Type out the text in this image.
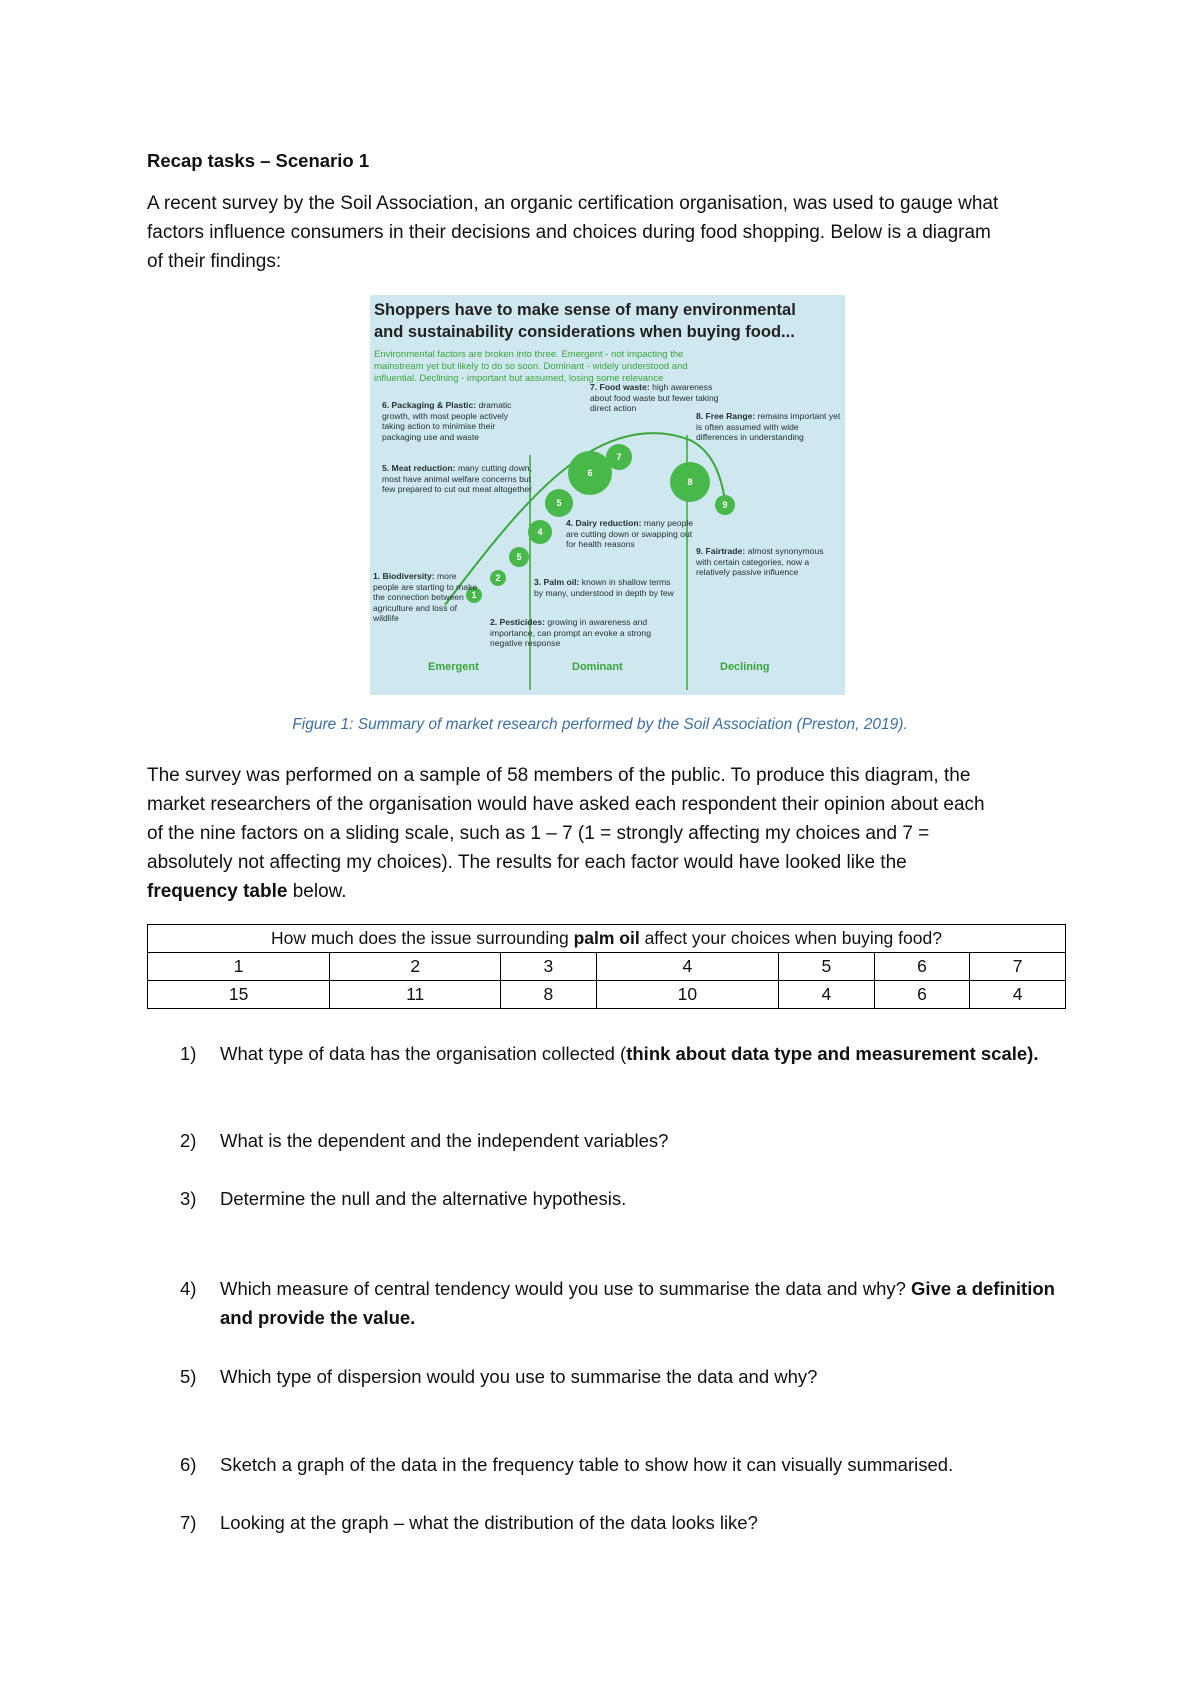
Recap tasks – Scenario 1
A recent survey by the Soil Association, an organic certification organisation, was used to gauge what
factors influence consumers in their decisions and choices during food shopping. Below is a diagram
of their findings:
1
2
5
4
5
6
7
8
9
Shoppers have to make sense of many environmental
and sustainability considerations when buying food...
Environmental factors are broken into three. Emergent - not impacting the
mainstream yet but likely to do so soon. Dominant - widely understood and
influential. Declining - important but assumed, losing some relevance
6. Packaging & Plastic: dramatic growth, with most people actively taking action to minimise their packaging use and waste
7. Food waste: high awareness about food waste but fewer taking direct action
8. Free Range: remains important yet is often assumed with wide differences in understanding
5. Meat reduction: many cutting down, most have animal welfare concerns but few prepared to cut out meat altogether
4. Dairy reduction: many people are cutting down or swapping out for health reasons
9. Fairtrade: almost synonymous with certain categories, now a relatively passive influence
1. Biodiversity: more people are starting to make the connection between agriculture and loss of wildlife
3. Palm oil: known in shallow terms by many, understood in depth by few
2. Pesticides: growing in awareness and importance, can prompt an evoke a strong negative response
Emergent	Dominant	Declining
Figure 1: Summary of market research performed by the Soil Association (Preston, 2019).
The survey was performed on a sample of 58 members of the public. To produce this diagram, the
market researchers of the organisation would have asked each respondent their opinion about each
of the nine factors on a sliding scale, such as 1 – 7 (1 = strongly affecting my choices and 7 =
absolutely not affecting my choices). The results for each factor would have looked like the
frequency table below.
How much does the issue surrounding palm oil affect your choices when buying food?						
1	2	3	4	5	6	7
15	11	8	10	4	6	4
1)	What type of data has the organisation collected (think about data type and measurement scale).
2)	What is the dependent and the independent variables?
3)	Determine the null and the alternative hypothesis.
4)	Which measure of central tendency would you use to summarise the data and why? Give a definition and provide the value.
5)	Which type of dispersion would you use to summarise the data and why?
6)	Sketch a graph of the data in the frequency table to show how it can visually summarised.
7)	Looking at the graph – what the distribution of the data looks like?
